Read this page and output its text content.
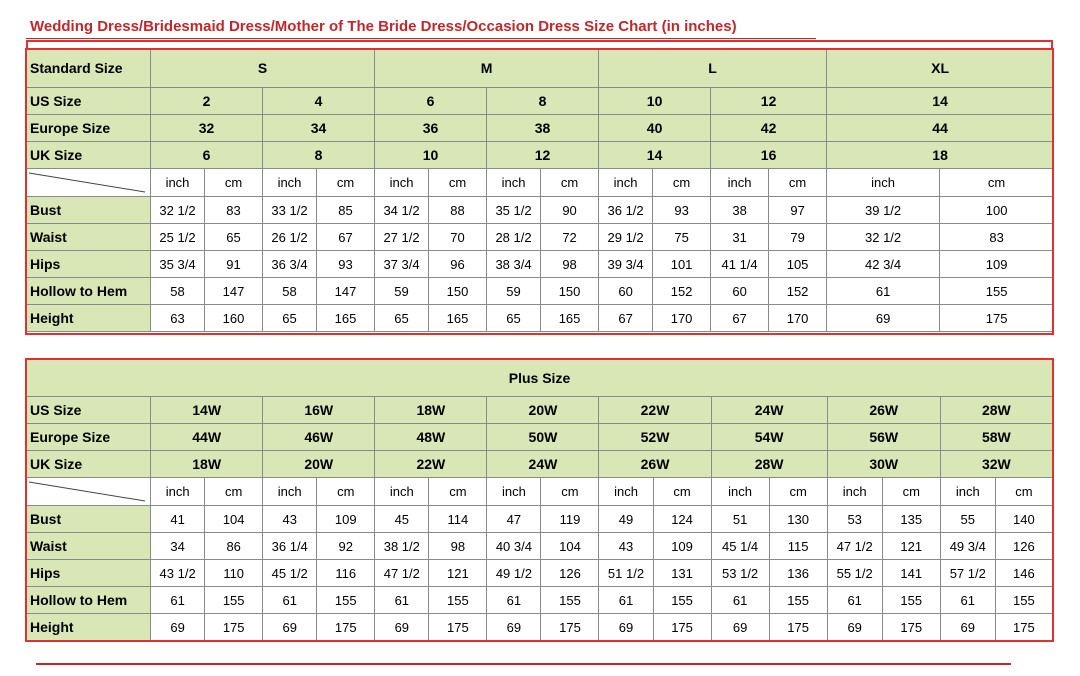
Wedding Dress/Bridesmaid Dress/Mother of The Bride Dress/Occasion Dress Size Chart (in inches)
Standard Size	S				M				L				XL	
US Size	2		4		6		8		10		12		14	
Europe Size	32		34		36		38		40		42		44	
UK Size	6		8		10		12		14		16		18	

	inch	cm	inch	cm	inch	cm	inch	cm	inch	cm	inch	cm	inch	cm
Bust	32 1/2	83	33 1/2	85	34 1/2	88	35 1/2	90	36 1/2	93	38	97	39 1/2	100
Waist	25 1/2	65	26 1/2	67	27 1/2	70	28 1/2	72	29 1/2	75	31	79	32 1/2	83
Hips	35 3/4	91	36 3/4	93	37 3/4	96	38 3/4	98	39 3/4	101	41 1/4	105	42 3/4	109
Hollow to Hem	58	147	58	147	59	150	59	150	60	152	60	152	61	155
Height	63	160	65	165	65	165	65	165	67	170	67	170	69	175
Plus Size																
US Size	14W		16W		18W		20W		22W		24W		26W		28W	
Europe Size	44W		46W		48W		50W		52W		54W		56W		58W	
UK Size	18W		20W		22W		24W		26W		28W		30W		32W	

	inch	cm	inch	cm	inch	cm	inch	cm	inch	cm	inch	cm	inch	cm	inch	cm
Bust	41	104	43	109	45	114	47	119	49	124	51	130	53	135	55	140
Waist	34	86	36 1/4	92	38 1/2	98	40 3/4	104	43	109	45 1/4	115	47 1/2	121	49 3/4	126
Hips	43 1/2	110	45 1/2	116	47 1/2	121	49 1/2	126	51 1/2	131	53 1/2	136	55 1/2	141	57 1/2	146
Hollow to Hem	61	155	61	155	61	155	61	155	61	155	61	155	61	155	61	155
Height	69	175	69	175	69	175	69	175	69	175	69	175	69	175	69	175
